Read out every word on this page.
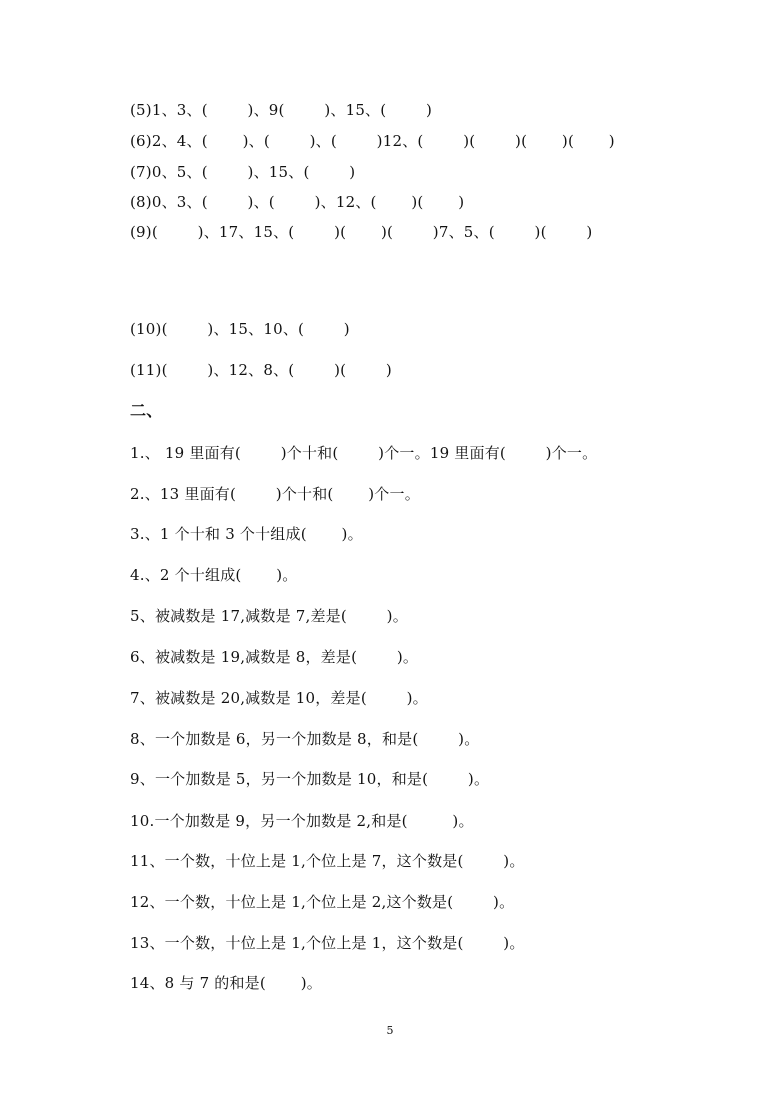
(5)1、3、(        )、9(        )、15、(        )
(6)2、4、(       )、(        )、(        )12、(        )(        )(       )(       )
(7)0、5、(        )、15、(        )
(8)0、3、(        )、(        )、12、(       )(       )
(9)(        )、17、15、(        )(       )(        )7、5、(        )(        )
(10)(        )、15、10、(        )
(11)(        )、12、8、(        )(        )
二、
1.、 19 里面有(        )个十和(        )个一。19 里面有(        )个一。
2.、13 里面有(        )个十和(       )个一。
3.、1 个十和 3 个十组成(       )。
4.、2 个十组成(       )。
5、被减数是 17,减数是 7,差是(        )。
6、被减数是 19,减数是 8，差是(        )。
7、被减数是 20,减数是 10，差是(        )。
8、一个加数是 6，另一个加数是 8，和是(        )。
9、一个加数是 5，另一个加数是 10，和是(        )。
10.一个加数是 9，另一个加数是 2,和是(         )。
11、一个数，十位上是 1,个位上是 7，这个数是(        )。
12、一个数，十位上是 1,个位上是 2,这个数是(        )。
13、一个数，十位上是 1,个位上是 1，这个数是(        )。
14、8 与 7 的和是(       )。
5
